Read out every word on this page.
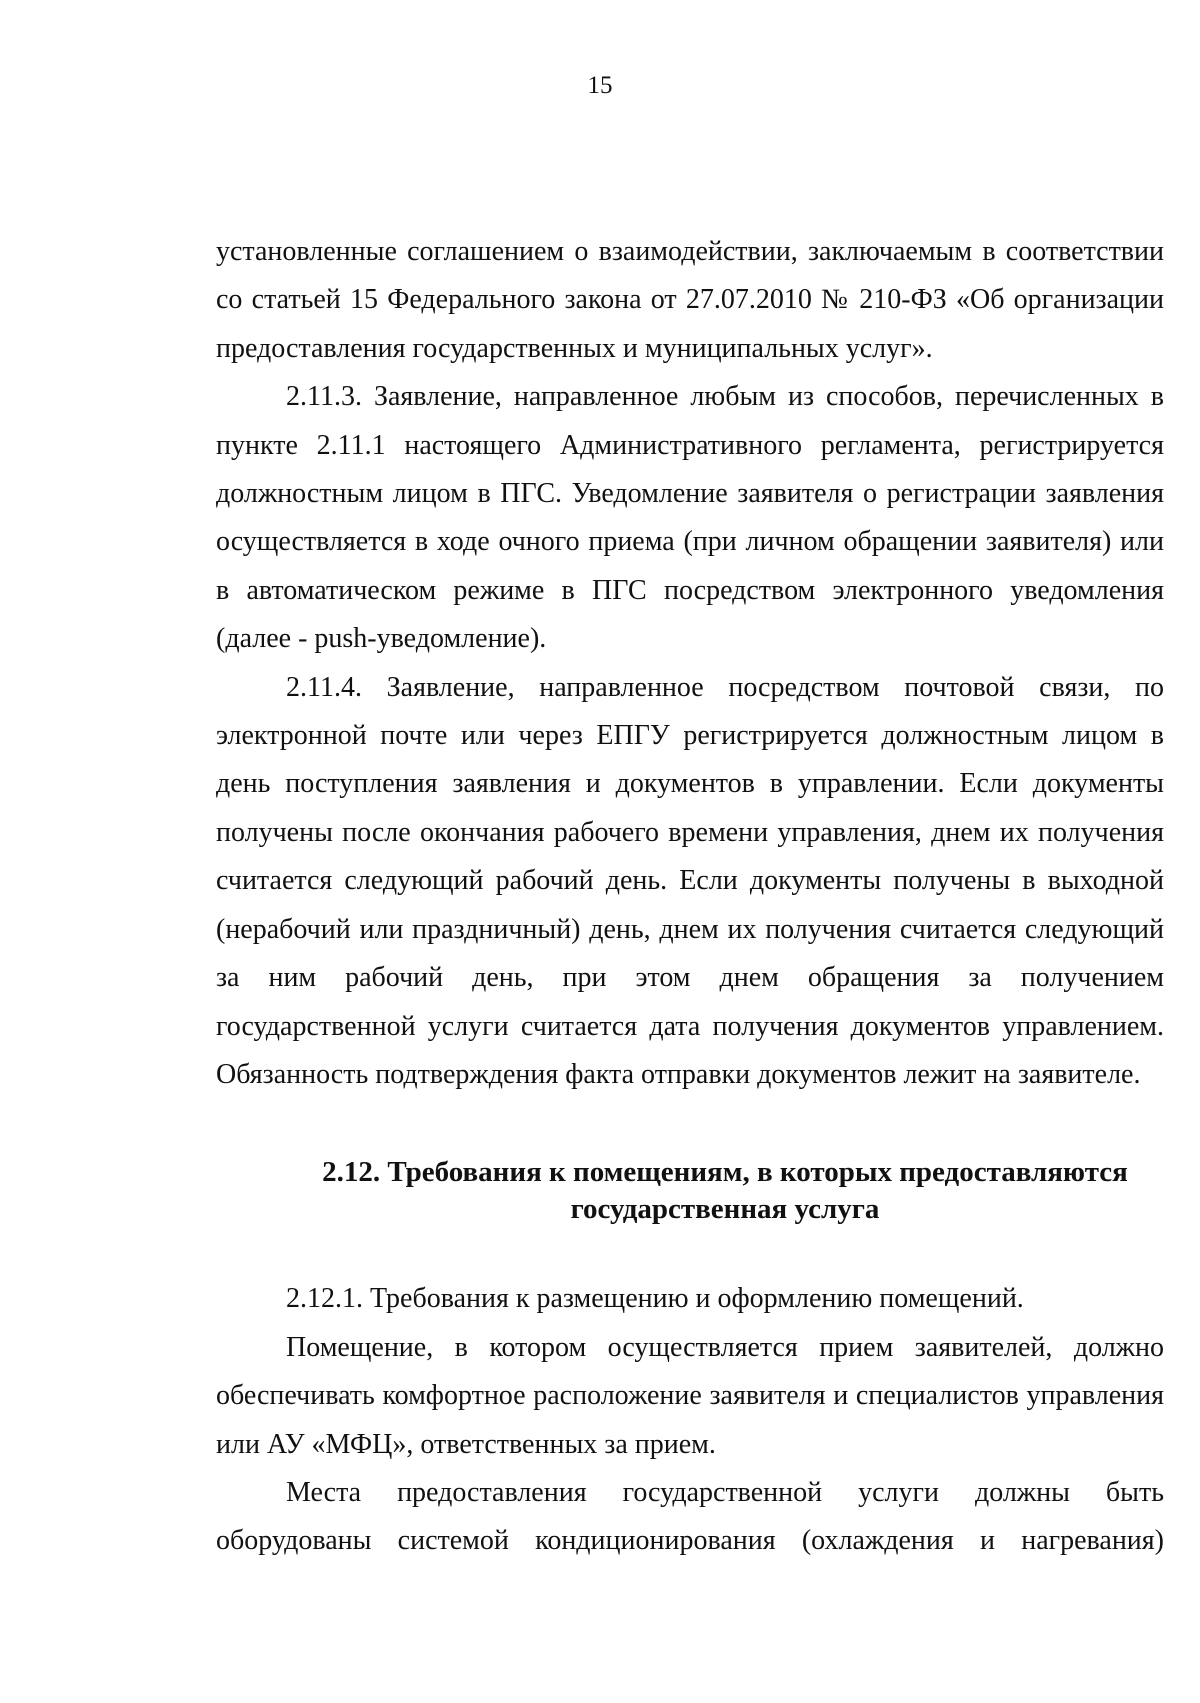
15

установленные соглашением о взаимодействии, заключаемым в соответствии со статьей 15 Федерального закона от 27.07.2010 № 210-ФЗ «Об организации предоставления государственных и муниципальных услуг».

2.11.3. Заявление, направленное любым из способов, перечисленных в пункте 2.11.1 настоящего Административного регламента, регистрируется должностным лицом в ПГС. Уведомление заявителя о регистрации заявления осуществляется в ходе очного приема (при личном обращении заявителя) или в автоматическом режиме в ПГС посредством электронного уведомления (далее - push-уведомление).

2.11.4. Заявление, направленное посредством почтовой связи, по электронной почте или через ЕПГУ регистрируется должностным лицом в день поступления заявления и документов в управлении. Если документы получены после окончания рабочего времени управления, днем их получения считается следующий рабочий день. Если документы получены в выходной (нерабочий или праздничный) день, днем их получения считается следующий за ним рабочий день, при этом днем обращения за получением государственной услуги считается дата получения документов управлением. Обязанность подтверждения факта отправки документов лежит на заявителе.

2.12. Требования к помещениям, в которых предоставляются
государственная услуга

2.12.1. Требования к размещению и оформлению помещений.

Помещение, в котором осуществляется прием заявителей, должно обеспечивать комфортное расположение заявителя и специалистов управления или АУ «МФЦ», ответственных за прием.

Места предоставления государственной услуги должны быть оборудованы системой кондиционирования (охлаждения и нагревания)
